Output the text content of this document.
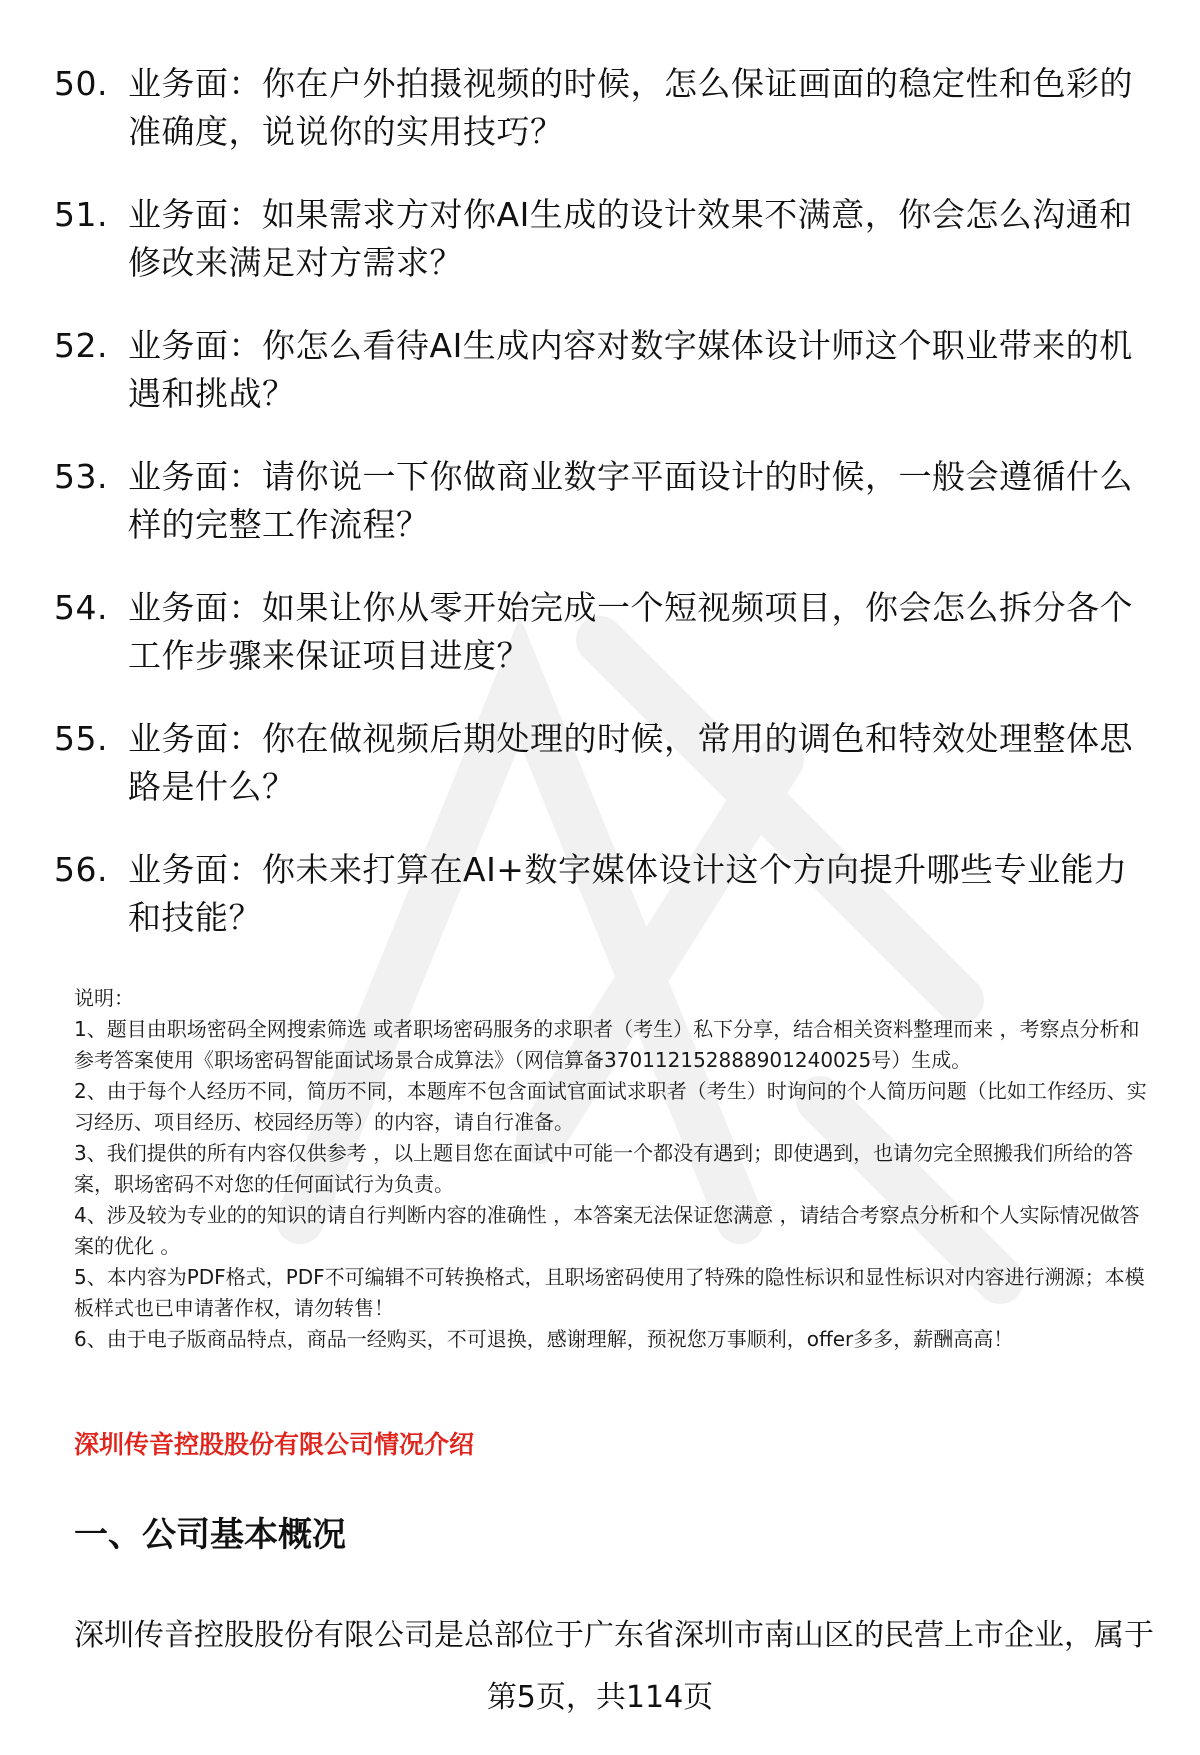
50. 业务面：你在户外拍摄视频的时候，怎么保证画面的稳定性和色彩的准确度，说说你的实用技巧？
51. 业务面：如果需求方对你AI生成的设计效果不满意，你会怎么沟通和修改来满足对方需求？
52. 业务面：你怎么看待AI生成内容对数字媒体设计师这个职业带来的机遇和挑战？
53. 业务面：请你说一下你做商业数字平面设计的时候，一般会遵循什么样的完整工作流程？
54. 业务面：如果让你从零开始完成一个短视频项目，你会怎么拆分各个工作步骤来保证项目进度？
55. 业务面：你在做视频后期处理的时候，常用的调色和特效处理整体思路是什么？
56. 业务面：你未来打算在AI+数字媒体设计这个方向提升哪些专业能力和技能？

说明：

1、题目由职场密码全网搜索筛选 或者职场密码服务的求职者（考生）私下分享，结合相关资料整理而来 ，考察点分析和参考答案使用《职场密码智能面试场景合成算法》（网信算备370112152888901240025号）生成。

2、由于每个人经历不同，简历不同，本题库不包含面试官面试求职者（考生）时询问的个人简历问题（比如工作经历、实习经历、项目经历、校园经历等）的内容，请自行准备。

3、我们提供的所有内容仅供参考 ，以上题目您在面试中可能一个都没有遇到；即使遇到，也请勿完全照搬我们所给的答案，职场密码不对您的任何面试行为负责。

4、涉及较为专业的的知识的请自行判断内容的准确性 ，本答案无法保证您满意 ，请结合考察点分析和个人实际情况做答案的优化 。

5、本内容为PDF格式，PDF不可编辑不可转换格式，且职场密码使用了特殊的隐性标识和显性标识对内容进行溯源；本模板样式也已申请著作权，请勿转售！

6、由于电子版商品特点，商品一经购买，不可退换，感谢理解，预祝您万事顺利，offer多多，薪酬高高！

深圳传音控股股份有限公司情况介绍
一、公司基本概况
深圳传音控股股份有限公司是总部位于广东省深圳市南山区的民营上市企业，属于
第5页，共114页
